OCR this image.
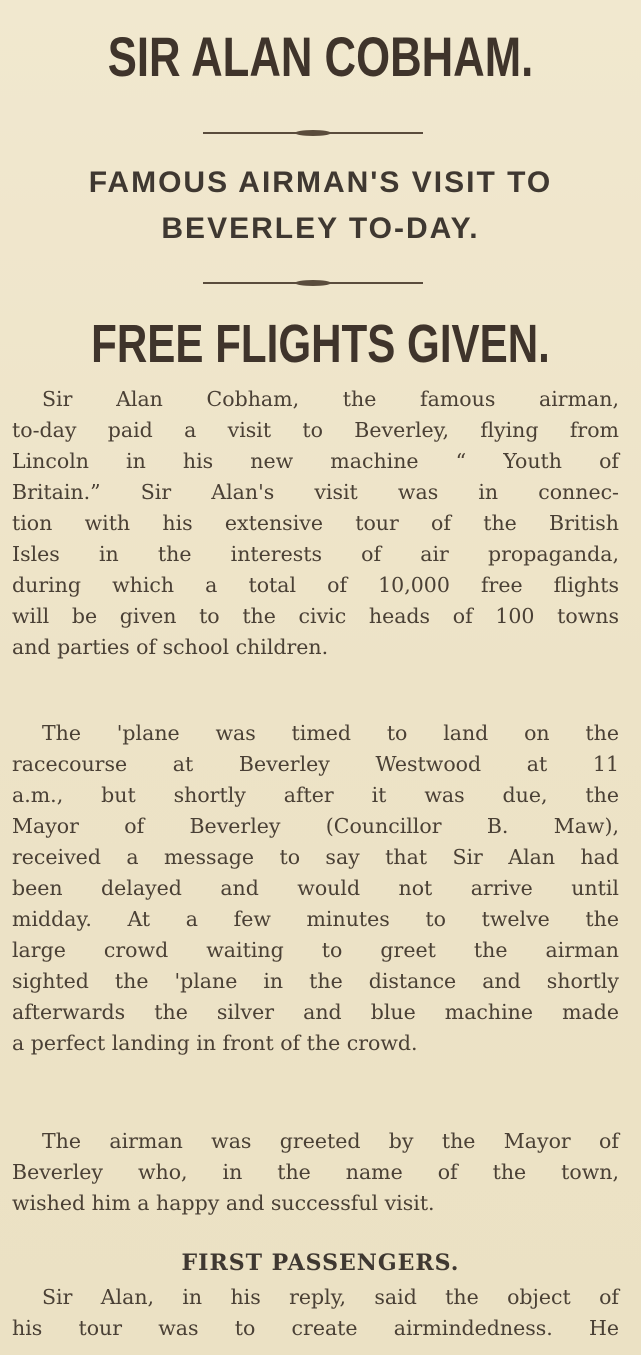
SIR ALAN COBHAM.
FAMOUS AIRMAN'S VISIT TO
BEVERLEY TO-DAY.
FREE FLIGHTS GIVEN.
Sir Alan Cobham, the famous airman,
to-day paid a visit to Beverley, flying from
Lincoln in his new machine “ Youth of
Britain.” Sir Alan's visit was in connec-
tion with his extensive tour of the British
Isles in the interests of air propaganda,
during which a total of 10,000 free flights
will be given to the civic heads of 100 towns
and parties of school children.
The 'plane was timed to land on the
racecourse at Beverley Westwood at 11
a.m., but shortly after it was due, the
Mayor of Beverley (Councillor B. Maw),
received a message to say that Sir Alan had
been delayed and would not arrive until
midday. At a few minutes to twelve the
large crowd waiting to greet the airman
sighted the 'plane in the distance and shortly
afterwards the silver and blue machine made
a perfect landing in front of the crowd.
The airman was greeted by the Mayor of
Beverley who, in the name of the town,
wished him a happy and successful visit.
FIRST PASSENGERS.
Sir Alan, in his reply, said the object of
his tour was to create airmindedness. He
